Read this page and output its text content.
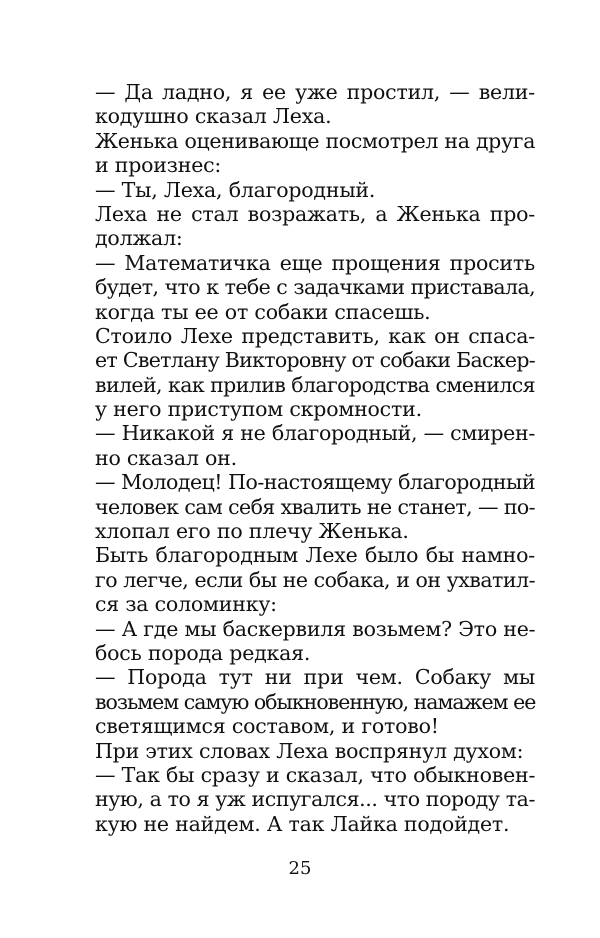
— Да ладно, я ее уже простил, — вели-
кодушно сказал Леха.
Женька оценивающе посмотрел на друга
и произнес:
— Ты, Леха, благородный.
Леха не стал возражать, а Женька про-
должал:
— Математичка еще прощения просить
будет, что к тебе с задачками приставала,
когда ты ее от собаки спасешь.
Стоило Лехе представить, как он спаса-
ет Светлану Викторовну от собаки Баскер-
вилей, как прилив благородства сменился
у него приступом скромности.
— Никакой я не благородный, — смирен-
но сказал он.
— Молодец! По-настоящему благородный
человек сам себя хвалить не станет, — по-
хлопал его по плечу Женька.
Быть благородным Лехе было бы намно-
го легче, если бы не собака, и он ухватил-
ся за соломинку:
— А где мы баскервиля возьмем? Это не-
бось порода редкая.
— Порода тут ни при чем. Собаку мы
возьмем самую обыкновенную, намажем ее
светящимся составом, и готово!
При этих словах Леха воспрянул духом:
— Так бы сразу и сказал, что обыкновен-
ную, а то я уж испугался... что породу та-
кую не найдем. А так Лайка подойдет.
25
